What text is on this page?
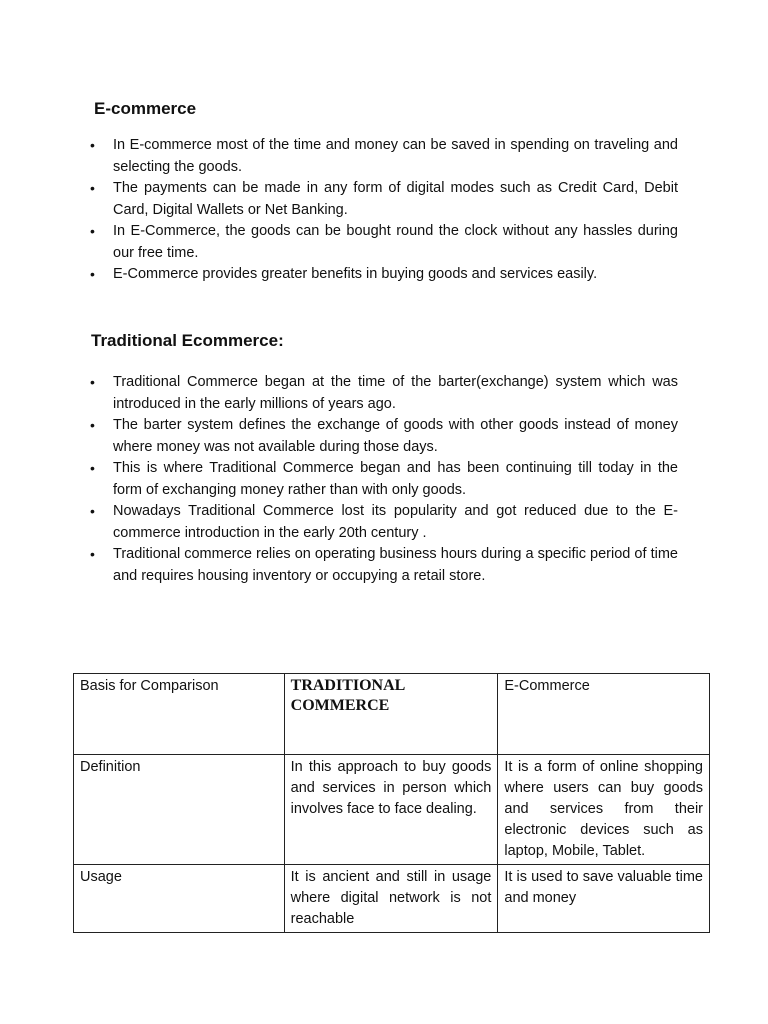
E-commerce
•	In E-commerce most of the time and money can be saved in spending on traveling and selecting the goods.
•	The payments can be made in any form of digital modes such as Credit Card, Debit Card, Digital Wallets or Net Banking.
•	In E-Commerce, the goods can be bought round the clock without any hassles during our free time.
•	E-Commerce provides greater benefits in buying goods and services easily.
Traditional Ecommerce:
•	Traditional Commerce began at the time of the barter(exchange) system which was introduced in the early millions of years ago.
•	The barter system defines the exchange of goods with other goods instead of money where money was not available during those days.
•	This is where Traditional Commerce began and has been continuing till today in the form of exchanging money rather than with only goods.
•	Nowadays Traditional Commerce lost its popularity and got reduced due to the E-commerce introduction in the early 20th century .
•	Traditional commerce relies on operating business hours during a specific period of time and requires housing inventory or occupying a retail store.
Basis for Comparison	TRADITIONAL COMMERCE	E-Commerce
Definition	In this approach to buy goods and services in person which involves face to face dealing.	It is a form of online shopping where users can buy goods and services from their electronic devices such as laptop, Mobile, Tablet.

Usage	It is ancient and still in usage where digital network is not reachable	It is used to save valuable time and money
